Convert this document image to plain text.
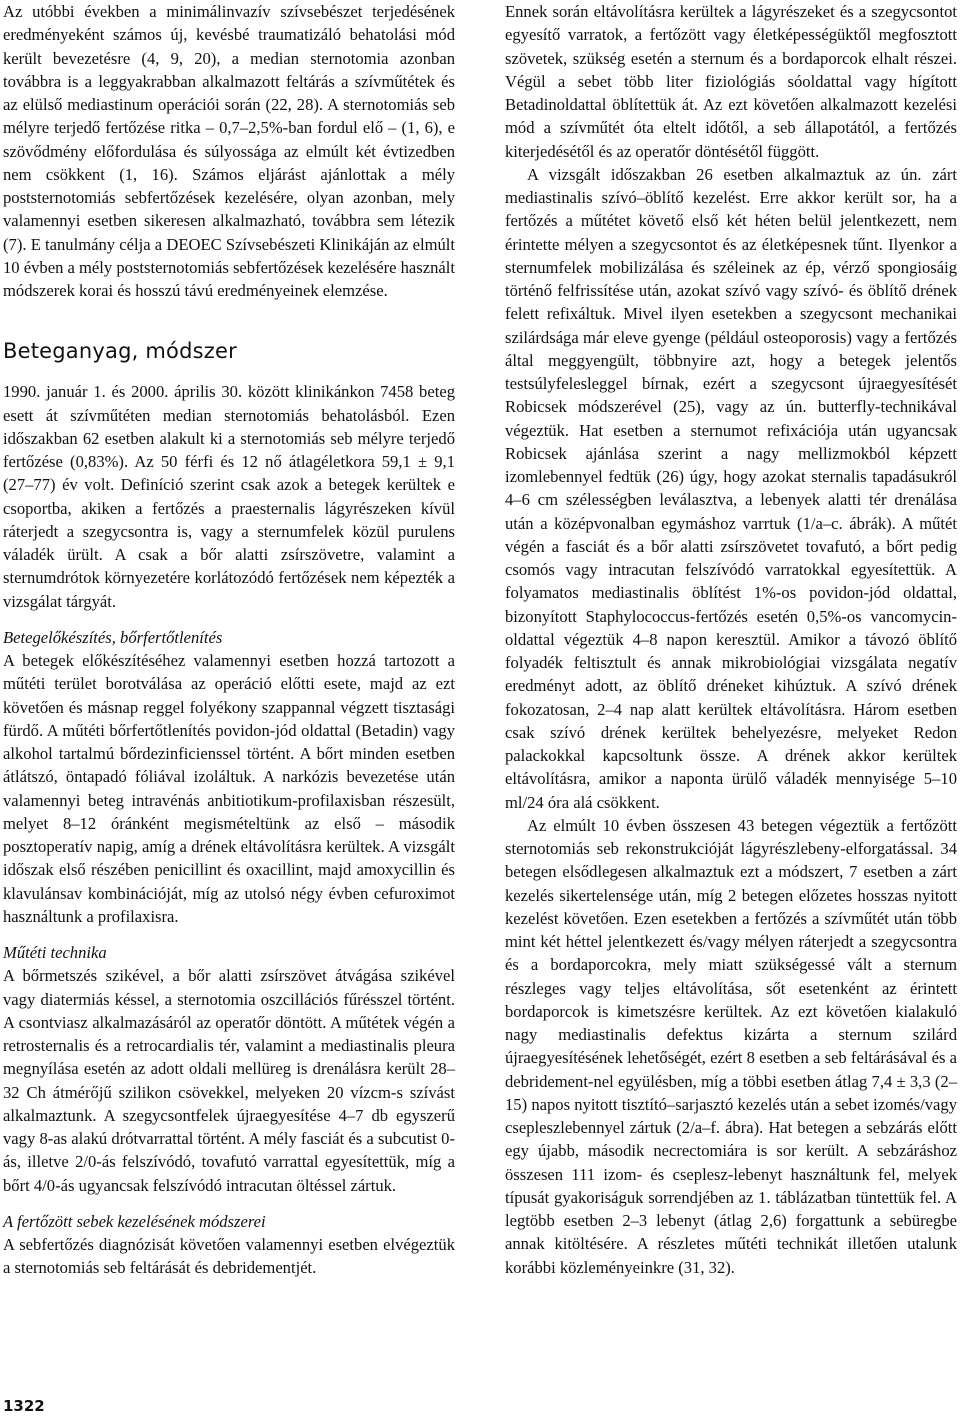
Az utóbbi években a minimálinvazív szívsebészet terjedésének eredményeként számos új, kevésbé traumatizáló behatolási mód került bevezetésre (4, 9, 20), a median sternotomia azonban továbbra is a leggyakrabban alkalmazott feltárás a szívműtétek és az elülső mediastinum operációi során (22, 28). A sternotomiás seb mélyre terjedő fertőzése ritka – 0,7–2,5%-ban fordul elő – (1, 6), e szövődmény előfordulása és súlyossága az elmúlt két évtizedben nem csökkent (1, 16). Számos eljárást ajánlottak a mély poststernotomiás sebfertőzések kezelésére, olyan azonban, mely valamennyi esetben sikeresen alkalmazható, továbbra sem létezik (7). E tanulmány célja a DEOEC Szívsebészeti Klinikáján az elmúlt 10 évben a mély poststernotomiás sebfertőzések kezelésére használt módszerek korai és hosszú távú eredményeinek elemzése.

Beteganyag, módszer

1990. január 1. és 2000. április 30. között klinikánkon 7458 beteg esett át szívműtéten median sternotomiás behatolásból. Ezen időszakban 62 esetben alakult ki a sternotomiás seb mélyre terjedő fertőzése (0,83%). Az 50 férfi és 12 nő átlagéletkora 59,1 ± 9,1 (27–77) év volt. Definíció szerint csak azok a betegek kerültek e csoportba, akiken a fertőzés a praesternalis lágyrészeken kívül ráterjedt a szegycsontra is, vagy a sternumfelek közül purulens váladék ürült. A csak a bőr alatti zsírszövetre, valamint a sternumdrótok környezetére korlátozódó fertőzések nem képezték a vizsgálat tárgyát.

Betegelőkészítés, bőrfertőtlenítés

A betegek előkészítéséhez valamennyi esetben hozzá tartozott a műtéti terület borotválása az operáció előtti esete, majd az ezt követően és másnap reggel folyékony szappannal végzett tisztasági fürdő. A műtéti bőrfertőtlenítés povidon-jód oldattal (Betadin) vagy alkohol tartalmú bőrdezinficienssel történt. A bőrt minden esetben átlátszó, öntapadó fóliával izoláltuk. A narkózis bevezetése után valamennyi beteg intravénás anbitiotikum-profilaxisban részesült, melyet 8–12 óránként megismételtünk az első – második posztoperatív napig, amíg a drének eltávolításra kerültek. A vizsgált időszak első részében penicillint és oxacillint, majd amoxycillin és klavulánsav kombinációját, míg az utolsó négy évben cefuroximot használtunk a profilaxisra.

Műtéti technika

A bőrmetszés szikével, a bőr alatti zsírszövet átvágása szikével vagy diatermiás késsel, a sternotomia oszcillációs fűrésszel történt. A csontviasz alkalmazásáról az operatőr döntött. A műtétek végén a retrosternalis és a retrocardialis tér, valamint a mediastinalis pleura megnyílása esetén az adott oldali mellüreg is drenálásra került 28–32 Ch átmérőjű szilikon csövekkel, melyeken 20 vízcm-s szívást alkalmaztunk. A szegycsontfelek újraegyesítése 4–7 db egyszerű vagy 8-as alakú drótvarrattal történt. A mély fasciát és a subcutist 0-ás, illetve 2/0-ás felszívódó, tovafutó varrattal egyesítettük, míg a bőrt 4/0-ás ugyancsak felszívódó intracutan öltéssel zártuk.

A fertőzött sebek kezelésének módszerei

A sebfertőzés diagnózisát követően valamennyi esetben elvégeztük a sternotomiás seb feltárását és debridementjét.

Ennek során eltávolításra kerültek a lágyrészeket és a szegycsontot egyesítő varratok, a fertőzött vagy életképességüktől megfosztott szövetek, szükség esetén a sternum és a bordaporcok elhalt részei. Végül a sebet több liter fiziológiás sóoldattal vagy hígított Betadinoldattal öblítettük át. Az ezt követően alkalmazott kezelési mód a szívműtét óta eltelt időtől, a seb állapotától, a fertőzés kiterjedésétől és az operatőr döntésétől függött.

A vizsgált időszakban 26 esetben alkalmaztuk az ún. zárt mediastinalis szívó–öblítő kezelést. Erre akkor került sor, ha a fertőzés a műtétet követő első két héten belül jelentkezett, nem érintette mélyen a szegycsontot és az életképesnek tűnt. Ilyenkor a sternumfelek mobilizálása és széleinek az ép, vérző spongiosáig történő felfrissítése után, azokat szívó vagy szívó- és öblítő drének felett refixáltuk. Mivel ilyen esetekben a szegycsont mechanikai szilárdsága már eleve gyenge (például osteoporosis) vagy a fertőzés által meggyengült, többnyire azt, hogy a betegek jelentős testsúlyfelesleggel bírnak, ezért a szegycsont újraegyesítését Robicsek módszerével (25), vagy az ún. butterfly-technikával végeztük. Hat esetben a sternumot refixációja után ugyancsak Robicsek ajánlása szerint a nagy mellizmokból képzett izomlebennyel fedtük (26) úgy, hogy azokat sternalis tapadásukról 4–6 cm szélességben leválasztva, a lebenyek alatti tér drenálása után a középvonalban egymáshoz varrtuk (1/a–c. ábrák). A műtét végén a fasciát és a bőr alatti zsírszövetet tovafutó, a bőrt pedig csomós vagy intracutan felszívódó varratokkal egyesítettük. A folyamatos mediastinalis öblítést 1%-os povidon-jód oldattal, bizonyított Staphylococcus-fertőzés esetén 0,5%-os vancomycin-oldattal végeztük 4–8 napon keresztül. Amikor a távozó öblítő folyadék feltisztult és annak mikrobiológiai vizsgálata negatív eredményt adott, az öblítő dréneket kihúztuk. A szívó drének fokozatosan, 2–4 nap alatt kerültek eltávolításra. Három esetben csak szívó drének kerültek behelyezésre, melyeket Redon palackokkal kapcsoltunk össze. A drének akkor kerültek eltávolításra, amikor a naponta ürülő váladék mennyisége 5–10 ml/24 óra alá csökkent.

Az elmúlt 10 évben összesen 43 betegen végeztük a fertőzött sternotomiás seb rekonstrukcióját lágyrészlebeny-elforgatással. 34 betegen elsődlegesen alkalmaztuk ezt a módszert, 7 esetben a zárt kezelés sikertelensége után, míg 2 betegen előzetes hosszas nyitott kezelést követően. Ezen esetekben a fertőzés a szívműtét után több mint két héttel jelentkezett és/vagy mélyen ráterjedt a szegycsontra és a bordaporcokra, mely miatt szükségessé vált a sternum részleges vagy teljes eltávolítása, sőt esetenként az érintett bordaporcok is kimetszésre kerültek. Az ezt követően kialakuló nagy mediastinalis defektus kizárta a sternum szilárd újraegyesítésének lehetőségét, ezért 8 esetben a seb feltárásával és a debridement-nel együlésben, míg a többi esetben átlag 7,4 ± 3,3 (2–15) napos nyitott tisztító–sarjasztó kezelés után a sebet izomés/vagy csepleszlebennyel zártuk (2/a–f. ábra). Hat betegen a sebzárás előtt egy újabb, második necrectomiára is sor került. A sebzáráshoz összesen 111 izom- és cseplesz-lebenyt használtunk fel, melyek típusát gyakoriságuk sorrendjében az 1. táblázatban tüntettük fel. A legtöbb esetben 2–3 lebenyt (átlag 2,6) forgattunk a sebüregbe annak kitöltésére. A részletes műtéti technikát illetően utalunk korábbi közleményeinkre (31, 32).

1322
